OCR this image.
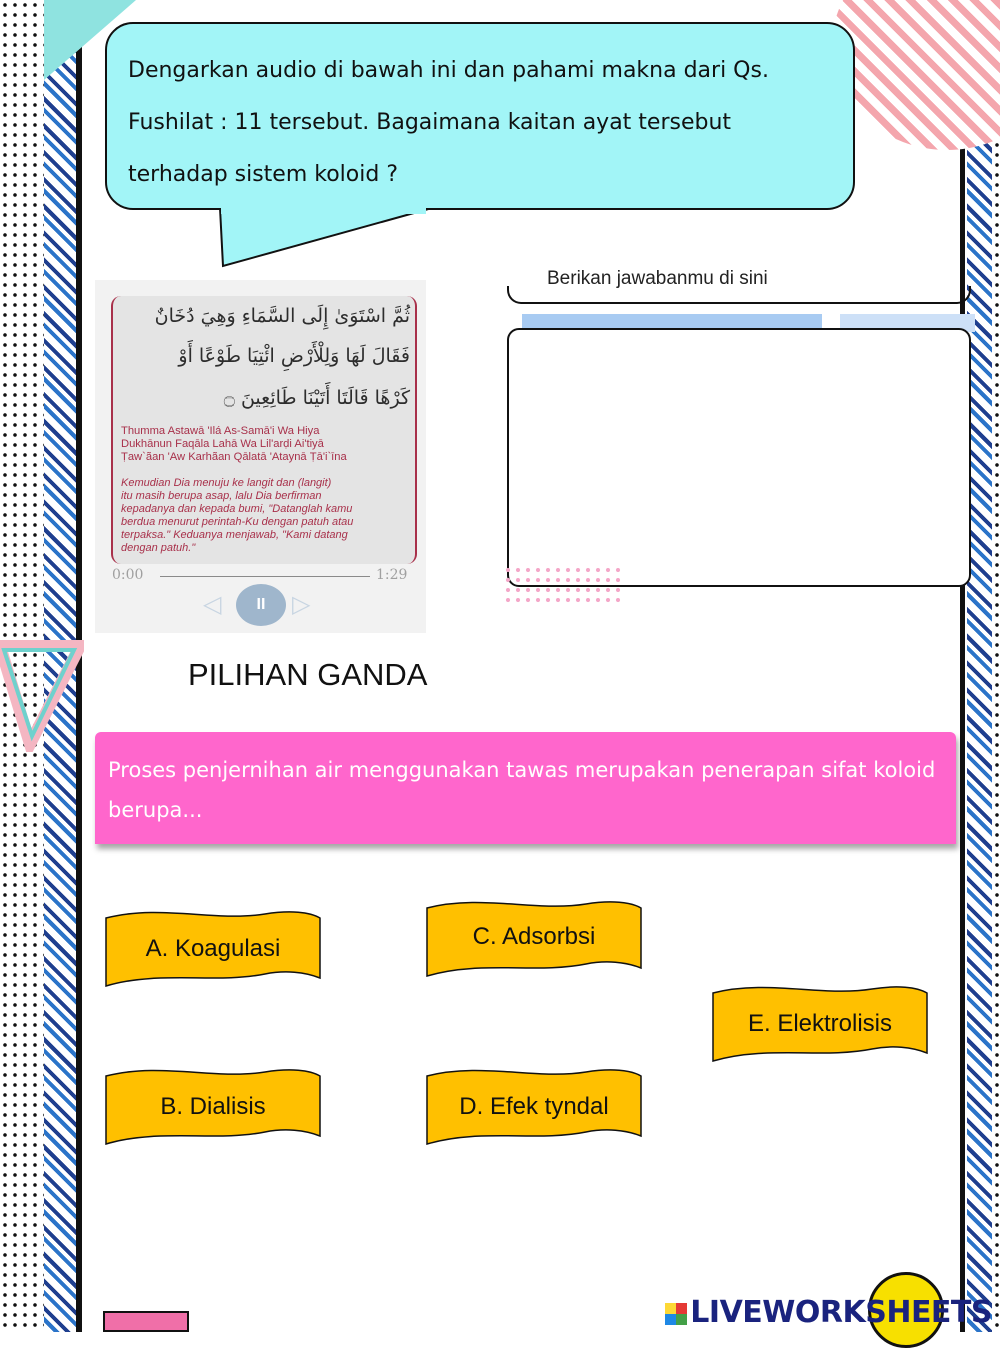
Dengarkan audio di bawah ini dan pahami makna dari Qs.
Fushilat : 11 tersebut. Bagaimana kaitan ayat tersebut
terhadap sistem koloid ?
ثُمَّ اسْتَوَىٰ إِلَى السَّمَاءِ وَهِيَ دُخَانٌ
فَقَالَ لَهَا وَلِلْأَرْضِ ائْتِيَا طَوْعًا أَوْ
كَرْهًا قَالَتَا أَتَيْنَا طَائِعِينَ ۝
Thumma Astawā 'Ilá As-Samā'i Wa Hiya
Dukhānun Faqāla Lahā Wa Lil'arḍi Ai'tiyā
Ṭaw`ãan 'Aw Karhãan Qālatā 'Ataynā Ṭā'i`īna
Kemudian Dia menuju ke langit dan (langit)
itu masih berupa asap, lalu Dia berfirman
kepadanya dan kepada bumi, "Datanglah kamu
berdua menurut perintah-Ku dengan patuh atau
terpaksa." Keduanya menjawab, "Kami datang
dengan patuh."
0:00	1:29
◁	II	▷
Berikan jawabanmu di sini
PILIHAN GANDA
Proses penjernihan air menggunakan tawas merupakan penerapan sifat koloid
berupa...
A. Koagulasi
B. Dialisis
C. Adsorbsi
D. Efek tyndal
E. Elektrolisis
LIVEWORKSHEETS
